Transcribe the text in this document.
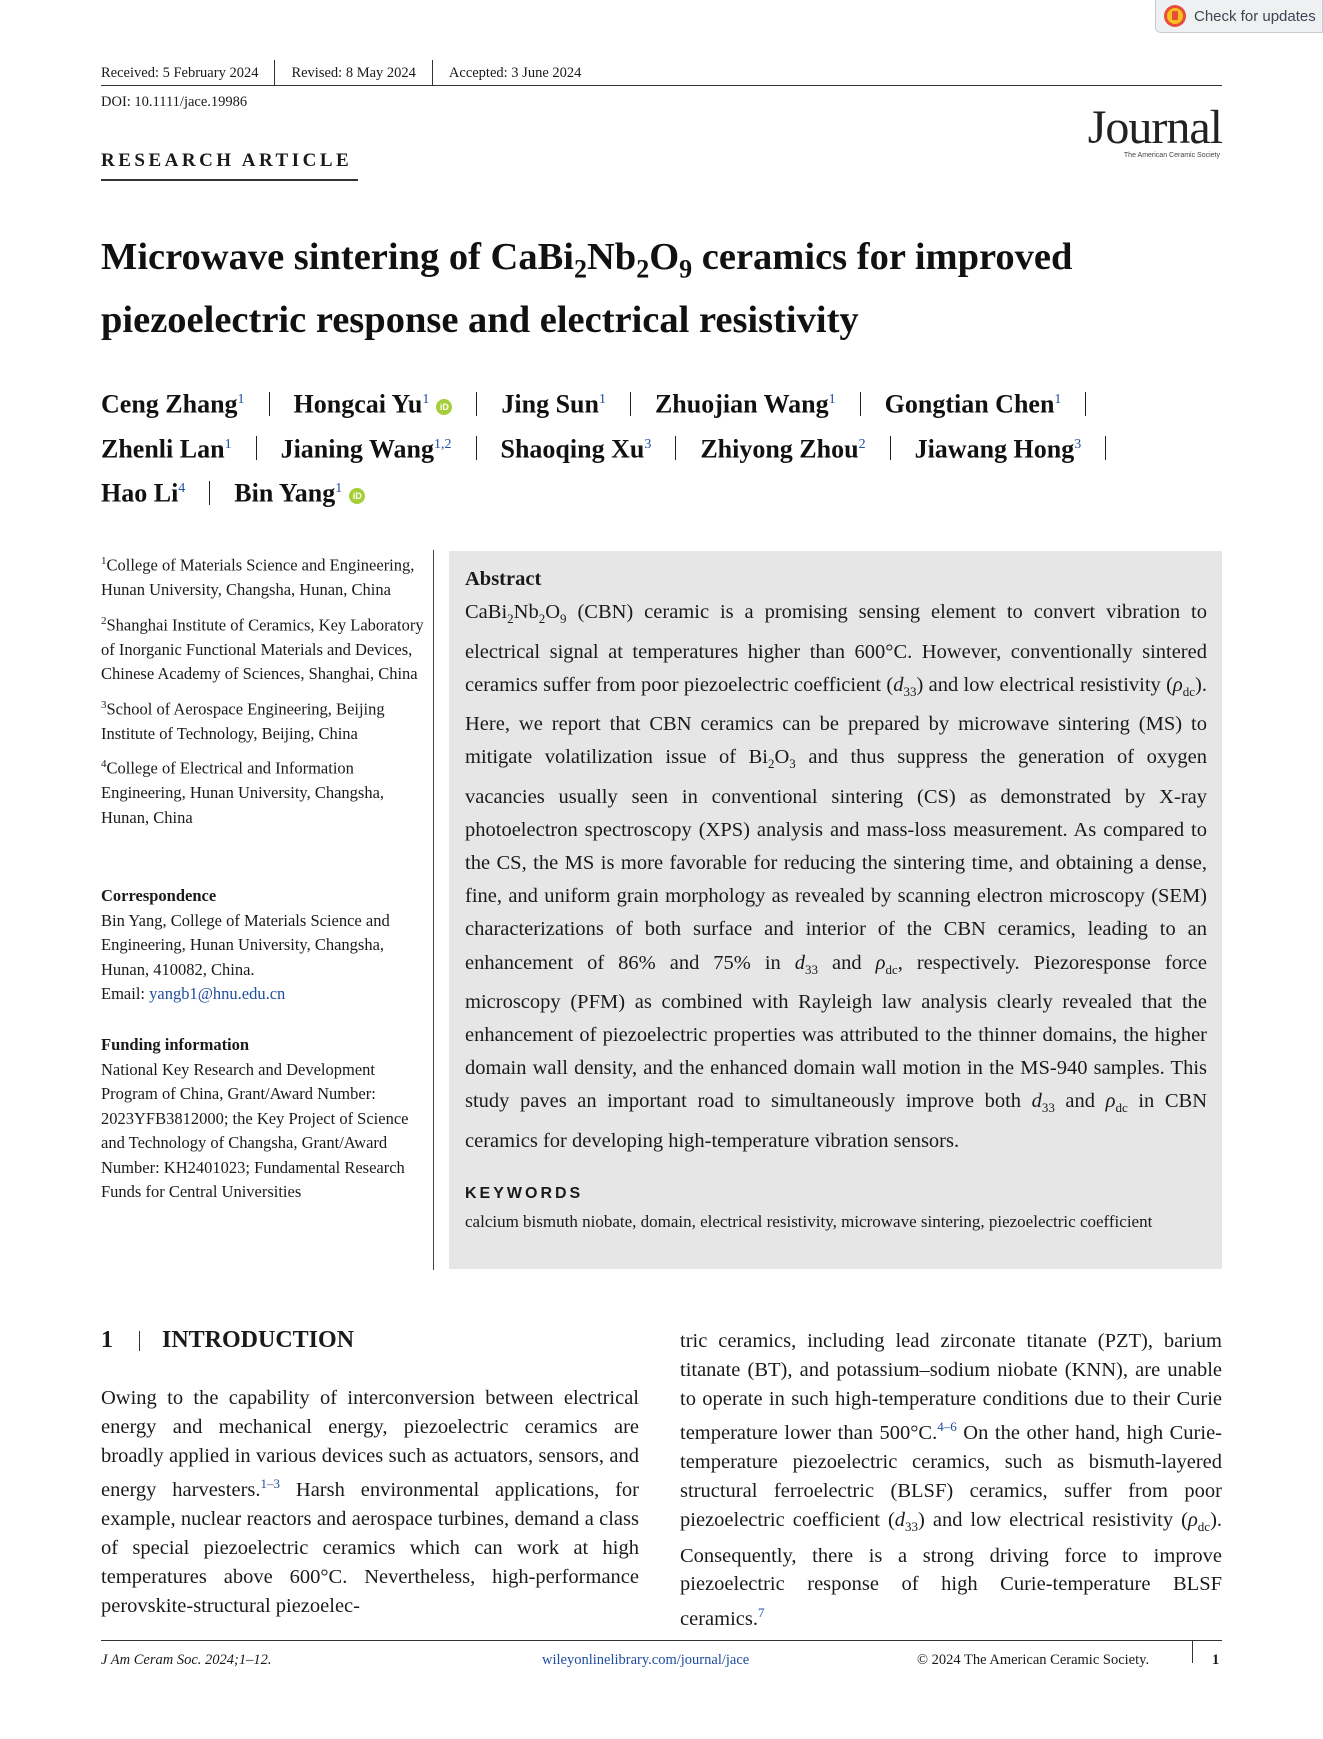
Check for updates
Received: 5 February 2024 Revised: 8 May 2024 Accepted: 3 June 2024
DOI: 10.1111/jace.19986
RESEARCH ARTICLE
Journal
The American Ceramic Society
Microwave sintering of $CaBi_2Nb_2O_9$ ceramics for improved piezoelectric response and electrical resistivity
Ceng Zhang$^1$ Hongcai Yu$^1$ iD Jing Sun$^1$ Zhuojian Wang$^1$ Gongtian Chen$^1$
Zhenli Lan$^1$ Jianing Wang$^{1,2}$ Shaoqing Xu$^3$ Zhiyong Zhou$^2$ Jiawang Hong$^3$
Hao Li$^4$ Bin Yang$^1$ iD
$^1$College of Materials Science and Engineering, Hunan University, Changsha, Hunan, China
$^2$Shanghai Institute of Ceramics, Key Laboratory of Inorganic Functional Materials and Devices, Chinese Academy of Sciences, Shanghai, China
$^3$School of Aerospace Engineering, Beijing Institute of Technology, Beijing, China
$^4$College of Electrical and Information Engineering, Hunan University, Changsha, Hunan, China
Correspondence
Bin Yang, College of Materials Science and Engineering, Hunan University, Changsha, Hunan, 410082, China.
Email: yangb1@hnu.edu.cn
Funding information
National Key Research and Development Program of China, Grant/Award Number: 2023YFB3812000; the Key Project of Science and Technology of Changsha, Grant/Award Number: KH2401023; Fundamental Research Funds for Central Universities
Abstract
$CaBi_2Nb_2O_9$ (CBN) ceramic is a promising sensing element to convert vibration to electrical signal at temperatures higher than 600°C. However, conventionally sintered ceramics suffer from poor piezoelectric coefficient $(d_{33})$ and low electrical resistivity $(\rho_{dc})$. Here, we report that CBN ceramics can be prepared by microwave sintering (MS) to mitigate volatilization issue of $Bi_2O_3$ and thus suppress the generation of oxygen vacancies usually seen in conventional sintering (CS) as demonstrated by X-ray photoelectron spectroscopy (XPS) analysis and mass-loss measurement. As compared to the CS, the MS is more favorable for reducing the sintering time, and obtaining a dense, fine, and uniform grain morphology as revealed by scanning electron microscopy (SEM) characterizations of both surface and interior of the CBN ceramics, leading to an enhancement of 86% and 75% in $d_{33}$ and $\rho_{dc}$, respectively. Piezoresponse force microscopy (PFM) as combined with Rayleigh law analysis clearly revealed that the enhancement of piezoelectric properties was attributed to the thinner domains, the higher domain wall density, and the enhanced domain wall motion in the MS-940 samples. This study paves an important road to simultaneously improve both $d_{33}$ and $\rho_{dc}$ in CBN ceramics for developing high-temperature vibration sensors.
KEYWORDS
calcium bismuth niobate, domain, electrical resistivity, microwave sintering, piezoelectric coefficient
1 INTRODUCTION
Owing to the capability of interconversion between electrical energy and mechanical energy, piezoelectric ceramics are broadly applied in various devices such as actuators, sensors, and energy harvesters.$^{1-3}$ Harsh environmental applications, for example, nuclear reactors and aerospace turbines, demand a class of special piezoelectric ceramics which can work at high temperatures above 600°C. Nevertheless, high-performance perovskite-structural piezoelec-
tric ceramics, including lead zirconate titanate (PZT), barium titanate (BT), and potassium–sodium niobate (KNN), are unable to operate in such high-temperature conditions due to their Curie temperature lower than 500°C.$^{4-6}$ On the other hand, high Curie-temperature piezoelectric ceramics, such as bismuth-layered structural ferroelectric (BLSF) ceramics, suffer from poor piezoelectric coefficient $(d_{33})$ and low electrical resistivity $(\rho_{dc})$. Consequently, there is a strong driving force to improve piezoelectric response of high Curie-temperature BLSF ceramics.$^7$
J Am Ceram Soc. 2024;1–12.	wileyonlinelibrary.com/journal/jace	© 2024 The American Ceramic Society.	1
